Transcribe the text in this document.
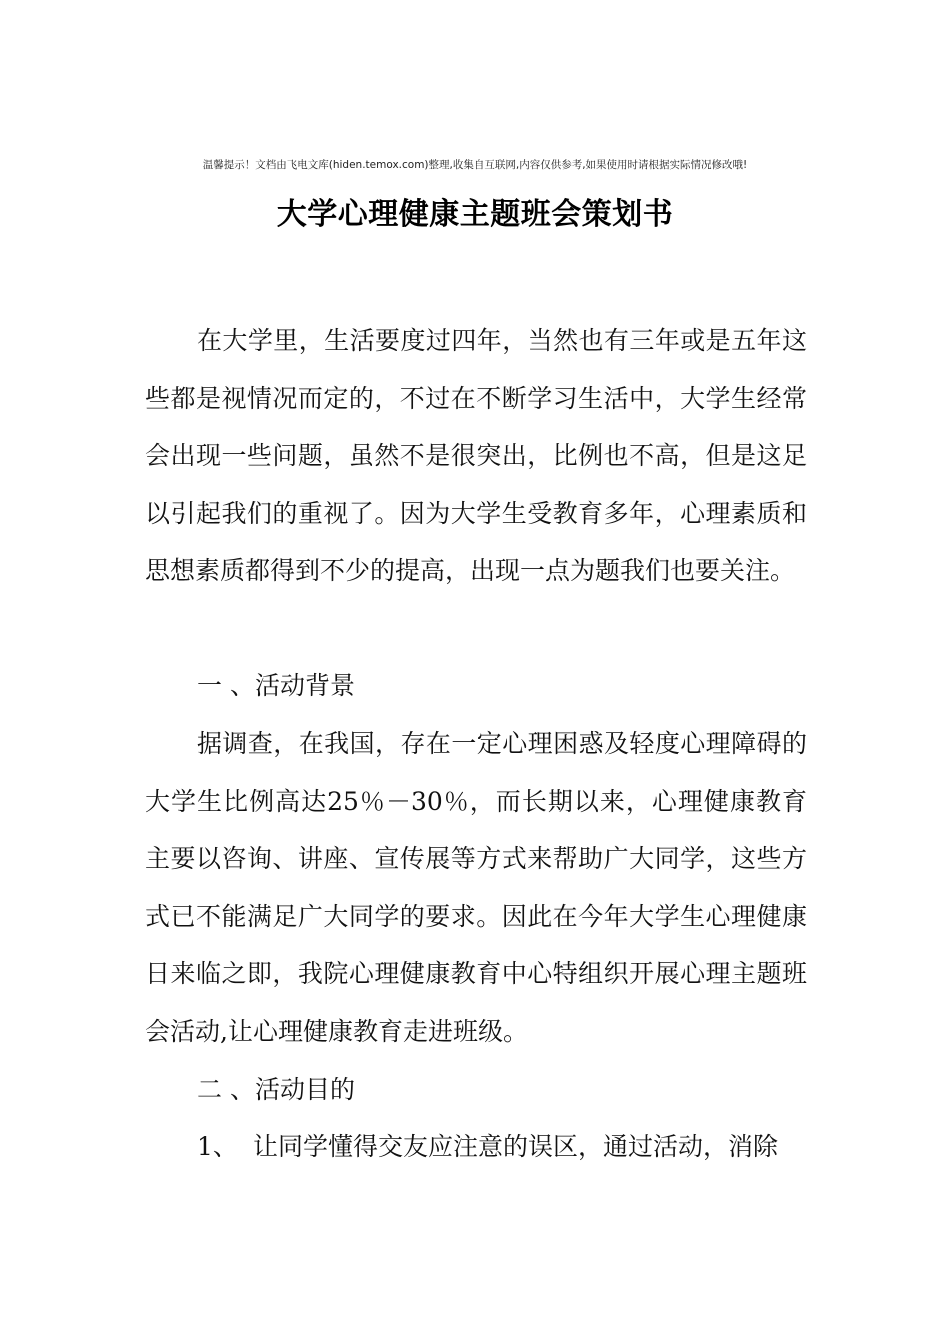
温馨提示！文档由飞电文库(hiden.temox.com)整理,收集自互联网,内容仅供参考,如果使用时请根据实际情况修改哦!
大学心理健康主题班会策划书

在大学里，生活要度过四年，当然也有三年或是五年这些都是视情况而定的，不过在不断学习生活中，大学生经常会出现一些问题，虽然不是很突出，比例也不高，但是这足以引起我们的重视了。因为大学生受教育多年，心理素质和思想素质都得到不少的提高，出现一点为题我们也要关注。

一 、活动背景

据调查，在我国，存在一定心理困惑及轻度心理障碍的大学生比例高达25％－30％，而长期以来，心理健康教育主要以咨询、讲座、宣传展等方式来帮助广大同学，这些方式已不能满足广大同学的要求。因此在今年大学生心理健康日来临之即，我院心理健康教育中心特组织开展心理主题班会活动,让心理健康教育走进班级。

二 、活动目的

1、 让同学懂得交友应注意的误区，通过活动，消除
